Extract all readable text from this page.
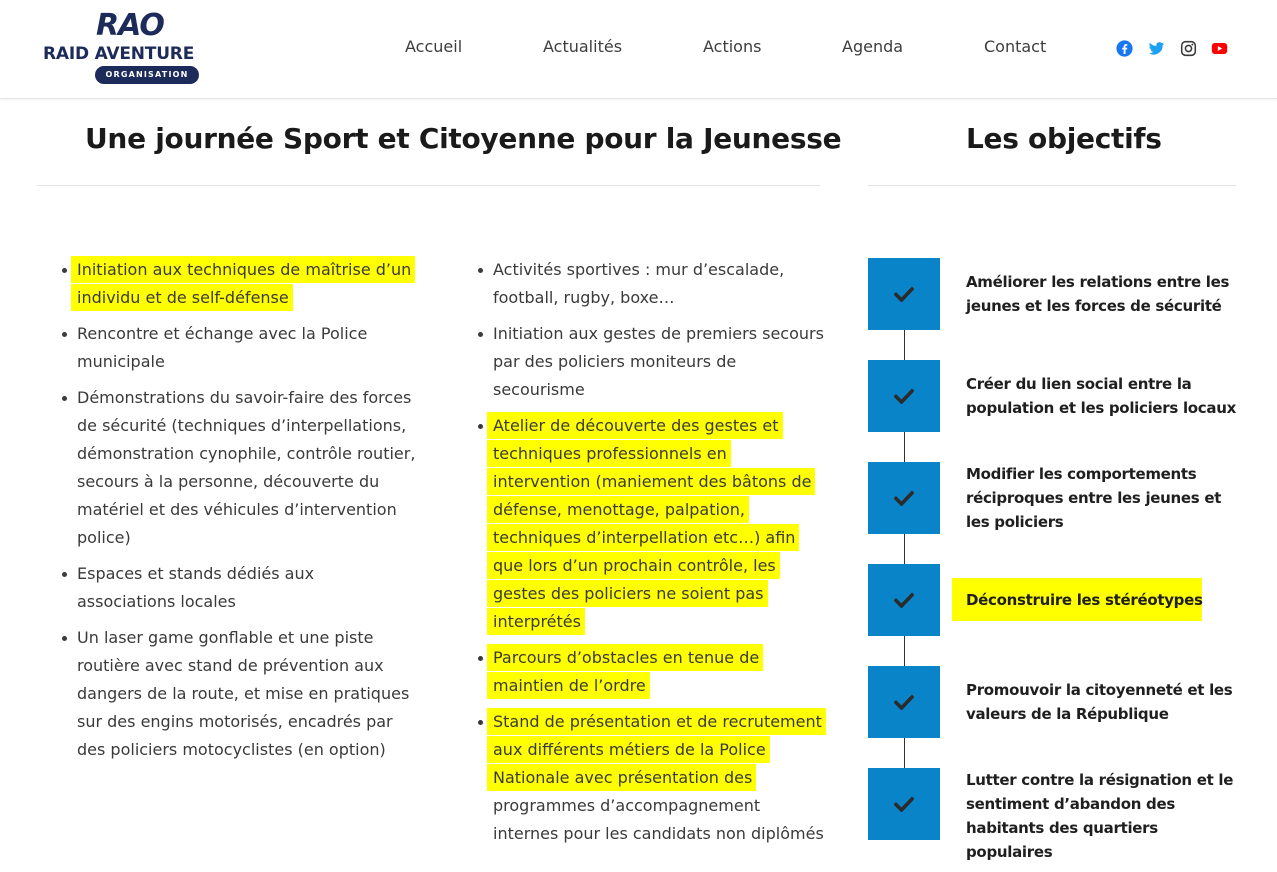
RAO
RAID AVENTURE
ORGANISATION
Accueil	Actualités	Actions	Agenda	Contact
Une journée Sport et Citoyenne pour la Jeunesse
Initiation aux techniques de maîtrise d’un individu et de self-défense
Rencontre et échange avec la Police municipale
Démonstrations du savoir-faire des forces de sécurité (techniques d’interpellations, démonstration cynophile, contrôle routier, secours à la personne, découverte du matériel et des véhicules d’intervention police)
Espaces et stands dédiés aux associations locales
Un laser game gonflable et une piste routière avec stand de prévention aux dangers de la route, et mise en pratiques sur des engins motorisés, encadrés par des policiers motocyclistes (en option)
Activités sportives : mur d’escalade, football, rugby, boxe…
Initiation aux gestes de premiers secours par des policiers moniteurs de secourisme
Atelier de découverte des gestes et techniques professionnels en intervention (maniement des bâtons de défense, menottage, palpation, techniques d’interpellation etc…) afin que lors d’un prochain contrôle, les gestes des policiers ne soient pas interprétés
Parcours d’obstacles en tenue de maintien de l’ordre
Stand de présentation et de recrutement aux différents métiers de la Police Nationale avec présentation des programmes d’accompagnement internes pour les candidats non diplômés
Les objectifs
Améliorer les relations entre les jeunes et les forces de sécurité
Créer du lien social entre la population et les policiers locaux
Modifier les comportements réciproques entre les jeunes et les policiers
Déconstruire les stéréotypes
Promouvoir la citoyenneté et les valeurs de la République
Lutter contre la résignation et le sentiment d’abandon des habitants des quartiers populaires
